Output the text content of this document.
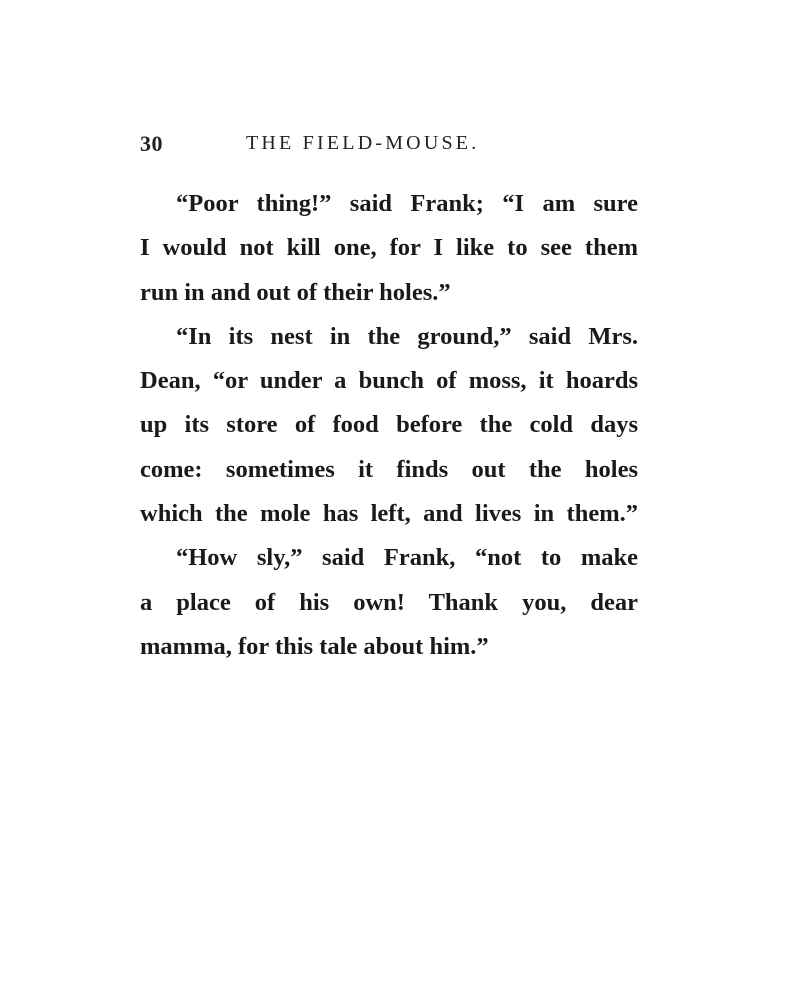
30	THE FIELD-MOUSE.
“Poor thing!” said Frank; “I am sure
I would not kill one, for I like to see them
run in and out of their holes.”
“In its nest in the ground,” said Mrs.
Dean, “or under a bunch of moss, it hoards
up its store of food before the cold days
come: sometimes it finds out the holes
which the mole has left, and lives in them.”
“How sly,” said Frank, “not to make
a place of his own! Thank you, dear
mamma, for this tale about him.”
